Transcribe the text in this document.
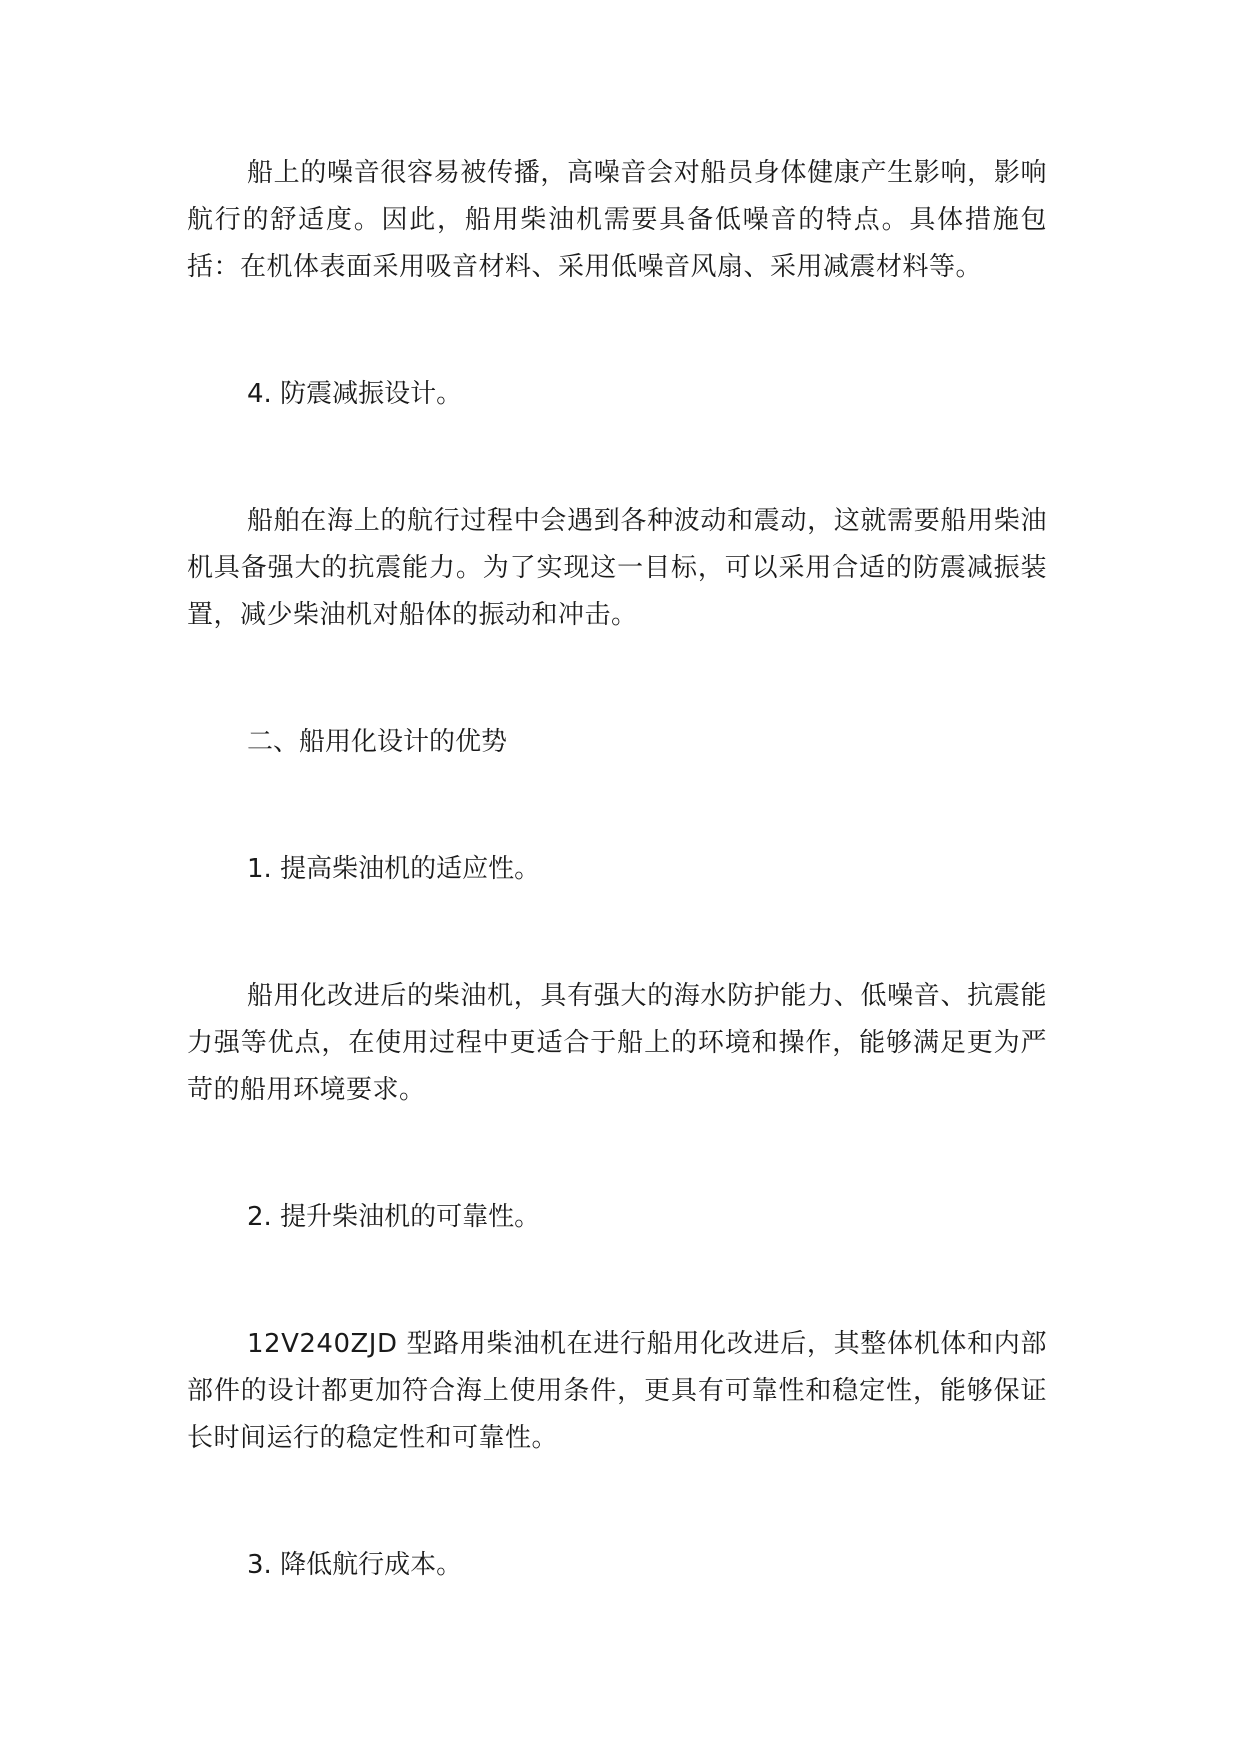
船上的噪音很容易被传播，高噪音会对船员身体健康产生影响，影响航行的舒适度。因此，船用柴油机需要具备低噪音的特点。具体措施包括：在机体表面采用吸音材料、采用低噪音风扇、采用减震材料等。

4. 防震减振设计。

船舶在海上的航行过程中会遇到各种波动和震动，这就需要船用柴油机具备强大的抗震能力。为了实现这一目标，可以采用合适的防震减振装置，减少柴油机对船体的振动和冲击。

二、船用化设计的优势

1. 提高柴油机的适应性。

船用化改进后的柴油机，具有强大的海水防护能力、低噪音、抗震能力强等优点，在使用过程中更适合于船上的环境和操作，能够满足更为严苛的船用环境要求。

2. 提升柴油机的可靠性。

12V240ZJD 型路用柴油机在进行船用化改进后，其整体机体和内部部件的设计都更加符合海上使用条件，更具有可靠性和稳定性，能够保证长时间运行的稳定性和可靠性。

3. 降低航行成本。
